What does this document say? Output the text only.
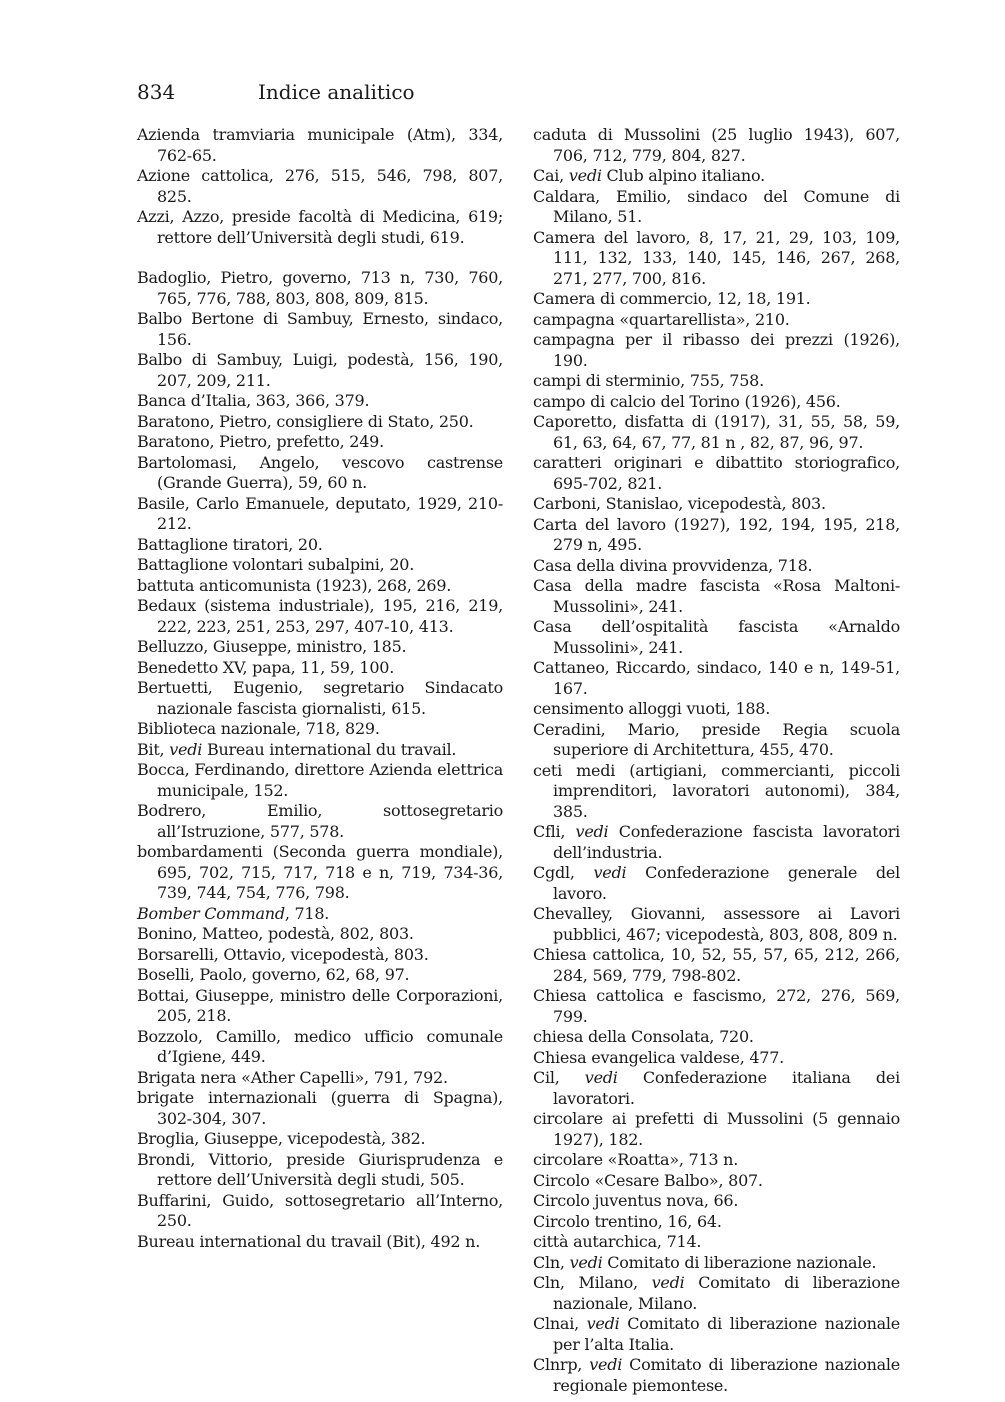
834	Indice analitico

Azienda tramviaria municipale (Atm), 334, 762-65.

Azione cattolica, 276, 515, 546, 798, 807, 825.

Azzi, Azzo, preside facoltà di Medicina, 619; rettore dell’Università degli studi, 619.

Badoglio, Pietro, governo, 713 n, 730, 760, 765, 776, 788, 803, 808, 809, 815.

Balbo Bertone di Sambuy, Ernesto, sindaco, 156.

Balbo di Sambuy, Luigi, podestà, 156, 190, 207, 209, 211.

Banca d’Italia, 363, 366, 379.

Baratono, Pietro, consigliere di Stato, 250.

Baratono, Pietro, prefetto, 249.

Bartolomasi, Angelo, vescovo castrense (Grande Guerra), 59, 60 n.

Basile, Carlo Emanuele, deputato, 1929, 210-212.

Battaglione tiratori, 20.

Battaglione volontari subalpini, 20.

battuta anticomunista (1923), 268, 269.

Bedaux (sistema industriale), 195, 216, 219, 222, 223, 251, 253, 297, 407-10, 413.

Belluzzo, Giuseppe, ministro, 185.

Benedetto XV, papa, 11, 59, 100.

Bertuetti, Eugenio, segretario Sindacato nazionale fascista giornalisti, 615.

Biblioteca nazionale, 718, 829.

Bit, vedi Bureau international du travail.

Bocca, Ferdinando, direttore Azienda elettrica municipale, 152.

Bodrero, Emilio, sottosegretario all’Istruzione, 577, 578.

bombardamenti (Seconda guerra mondiale), 695, 702, 715, 717, 718 e n, 719, 734-36, 739, 744, 754, 776, 798.

Bomber Command, 718.

Bonino, Matteo, podestà, 802, 803.

Borsarelli, Ottavio, vicepodestà, 803.

Boselli, Paolo, governo, 62, 68, 97.

Bottai, Giuseppe, ministro delle Corporazioni, 205, 218.

Bozzolo, Camillo, medico ufficio comunale d’Igiene, 449.

Brigata nera «Ather Capelli», 791, 792.

brigate internazionali (guerra di Spagna), 302-304, 307.

Broglia, Giuseppe, vicepodestà, 382.

Brondi, Vittorio, preside Giurisprudenza e rettore dell’Università degli studi, 505.

Buffarini, Guido, sottosegretario all’Interno, 250.

Bureau international du travail (Bit), 492 n.

caduta di Mussolini (25 luglio 1943), 607, 706, 712, 779, 804, 827.

Cai, vedi Club alpino italiano.

Caldara, Emilio, sindaco del Comune di Milano, 51.

Camera del lavoro, 8, 17, 21, 29, 103, 109, 111, 132, 133, 140, 145, 146, 267, 268, 271, 277, 700, 816.

Camera di commercio, 12, 18, 191.

campagna «quartarellista», 210.

campagna per il ribasso dei prezzi (1926), 190.

campi di sterminio, 755, 758.

campo di calcio del Torino (1926), 456.

Caporetto, disfatta di (1917), 31, 55, 58, 59, 61, 63, 64, 67, 77, 81 n , 82, 87, 96, 97.

caratteri originari e dibattito storiografico, 695-702, 821.

Carboni, Stanislao, vicepodestà, 803.

Carta del lavoro (1927), 192, 194, 195, 218, 279 n, 495.

Casa della divina provvidenza, 718.

Casa della madre fascista «Rosa Maltoni-Mussolini», 241.

Casa dell’ospitalità fascista «Arnaldo Mussolini», 241.

Cattaneo, Riccardo, sindaco, 140 e n, 149-51, 167.

censimento alloggi vuoti, 188.

Ceradini, Mario, preside Regia scuola superiore di Architettura, 455, 470.

ceti medi (artigiani, commercianti, piccoli imprenditori, lavoratori autonomi), 384, 385.

Cfli, vedi Confederazione fascista lavoratori dell’industria.

Cgdl, vedi Confederazione generale del lavoro.

Chevalley, Giovanni, assessore ai Lavori pubblici, 467; vicepodestà, 803, 808, 809 n.

Chiesa cattolica, 10, 52, 55, 57, 65, 212, 266, 284, 569, 779, 798-802.

Chiesa cattolica e fascismo, 272, 276, 569, 799.

chiesa della Consolata, 720.

Chiesa evangelica valdese, 477.

Cil, vedi Confederazione italiana dei lavoratori.

circolare ai prefetti di Mussolini (5 gennaio 1927), 182.

circolare «Roatta», 713 n.

Circolo «Cesare Balbo», 807.

Circolo juventus nova, 66.

Circolo trentino, 16, 64.

città autarchica, 714.

Cln, vedi Comitato di liberazione nazionale.

Cln, Milano, vedi Comitato di liberazione nazionale, Milano.

Clnai, vedi Comitato di liberazione nazionale per l’alta Italia.

Clnrp, vedi Comitato di liberazione nazionale regionale piemontese.
